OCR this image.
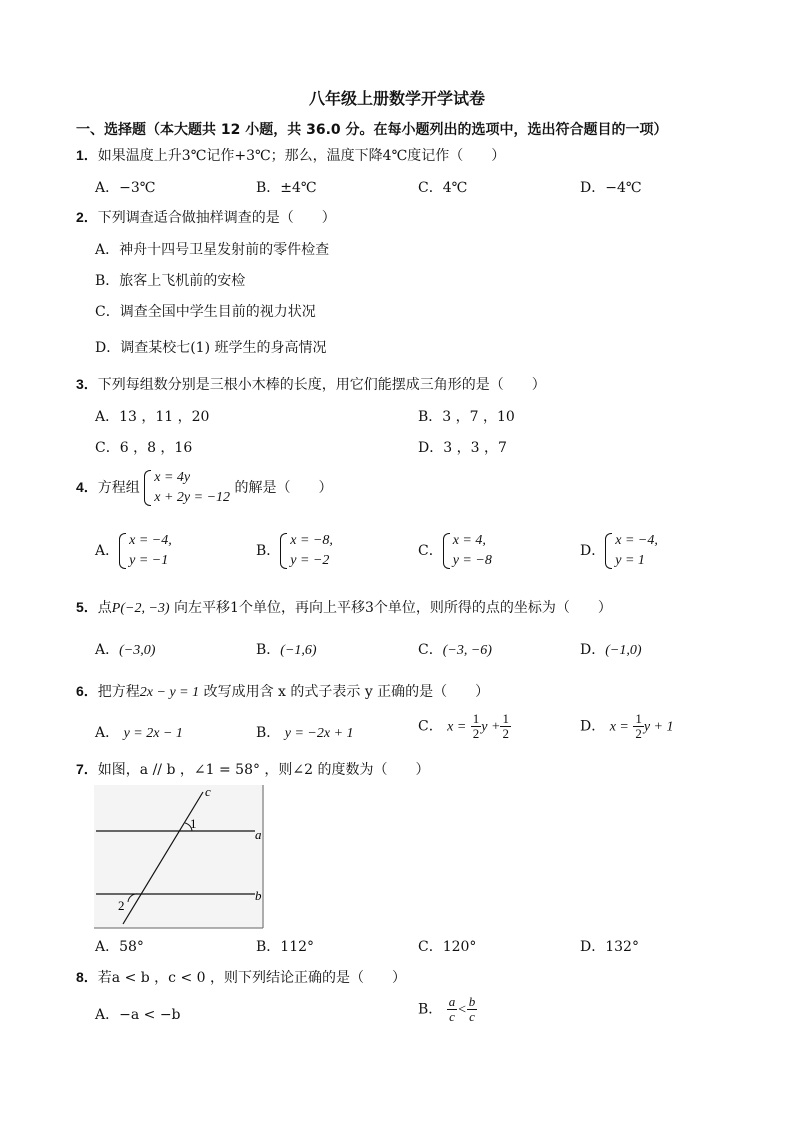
八年级上册数学开学试卷
一、选择题（本大题共 12 小题，共 36.0 分。在每小题列出的选项中，选出符合题目的一项）
1．如果温度上升3℃记作+3℃；那么，温度下降4℃度记作（　　）
A．−3℃	B．±4℃	C．4℃	D．−4℃
2．下列调查适合做抽样调查的是（　　）
A．神舟十四号卫星发射前的零件检查
B．旅客上飞机前的安检
C．调查全国中学生目前的视力状况
D．调查某校七(1) 班学生的身高情况
3．下列每组数分别是三根小木棒的长度，用它们能摆成三角形的是（　　）
A．13 ，11 ，20	B．3 ，7 ，10
C．6 ，8 ，16	D．3 ，3 ，7
4．方程组
x = 4y
x + 2y = −12
的解是（　　）
A．
x = −4,
y = −1
B．
x = −8,
y = −2
C．
x = 4,
y = −8
D．
x = −4,
y = 1
5．点P(−2, −3) 向左平移1个单位，再向上平移3个单位，则所得的点的坐标为（　　）
A．(−3,0)	B．(−1,6)	C．(−3, −6)	D．(−1,0)
6．把方程2x − y = 1 改写成用含 x 的式子表示 y 正确的是（　　）
A． y = 2x − 1	B． y = −2x + 1	C． $x = \frac{1}{2}$ $y + \frac{1}{2}$	D． $x = \frac{1}{2}$ y + 1
7．如图，a // b ，∠1 = 58° ，则∠2 的度数为（　　）
c
a
b
1
2
A．58°	B．112°	C．120°	D．132°
8．若a < b ，c < 0 ，则下列结论正确的是（　　）
A．−a < −b	B． $\frac{a}{c} < \frac{b}{c}$
